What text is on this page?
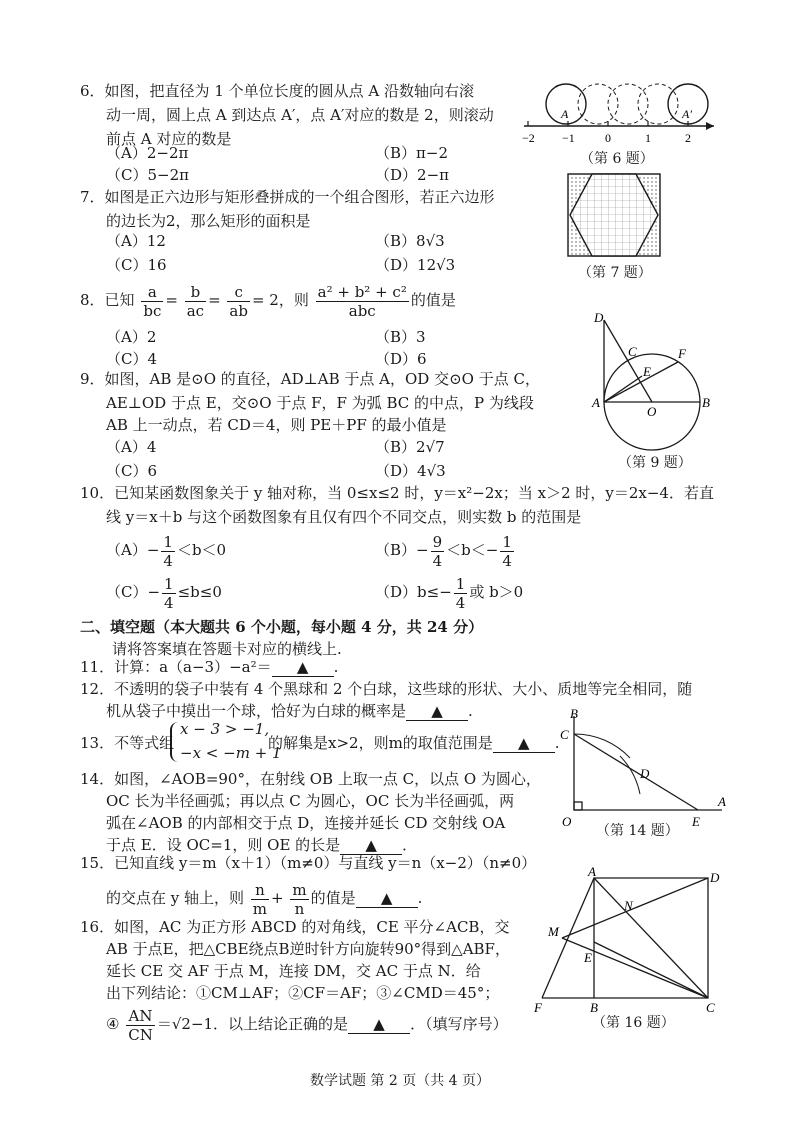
6．如图，把直径为 1 个单位长度的圆从点 A 沿数轴向右滚
动一周，圆上点 A 到达点 A′，点 A′对应的数是 2，则滚动
前点 A 对应的数是
（A）2−2π	（B）π−2
（C）5−2π	（D）2−π
−2 −1	0	1	2
A	A′
（第 6 题）
7．如图是正六边形与矩形叠拼成的一个组合图形，若正六边形
的边长为2，那么矩形的面积是
（A）12	（B）8√3
（C）16	（D）12√3	（第 7 题）
8．已知 $\frac{a}{bc} = \frac{b}{ac} = \frac{c}{ab} = 2$，则 $\frac{\text{a² + b² + c²}}{\text{abc}}$ 的值是
（A）2	（B）3
（C）4	（D）6
9．如图，AB 是⊙O 的直径，AD⊥AB 于点 A，OD 交⊙O 于点 C，
AE⊥OD 于点 E，交⊙O 于点 F，F 为弧 BC 的中点，P 为线段
AB 上一动点，若 CD＝4，则 PE＋PF 的最小值是
（A）4	（B）2√7
（C）6	（D）4√3
D
C	F
E
A
O
B
（第 9 题）
10．已知某函数图象关于 y 轴对称，当 0≤x≤2 时，y＝x²−2x；当 x＞2 时，y＝2x−4．若直
线 y＝x＋b 与这个函数图象有且仅有四个不同交点，则实数 b 的范围是
$(A)- \frac{1}{4} <b<0$	$(B)- \frac{9}{4} <b<- \frac{1}{4}$
$(C)- \frac{1}{4} \le b\le 0$	$(D)b\le- \frac{1}{4}$ 或 b＞0
二、填空题（本大题共 6 个小题，每小题 4 分，共 24 分）
请将答案填在答题卡对应的横线上.
11．计算：a（a−3）−a²＝ ▲ .
12．不透明的袋子中装有 4 个黑球和 2 个白球，这些球的形状、大小、质地等完全相同，随
机从袋子中摸出一个球，恰好为白球的概率是 ▲ .
13．不等式组
x − 3 > −1,
−x < −m + 1
的解集是x>2，则m的取值范围是 ▲ .
14．如图，∠AOB=90°，在射线 OB 上取一点 C，以点 O 为圆心，
OC 长为半径画弧；再以点 C 为圆心，OC 长为半径画弧，两
弧在∠AOB 的内部相交于点 D，连接并延长 CD 交射线 OA
于点 E．设 OC=1，则 OE 的长是 ▲ ．
B
C
D
A
O	E
（第 14 题）
15．已知直线 y＝m（x＋1）（m≠0）与直线 y＝n（x−2）（n≠0）
的交点在 y 轴上，则 $\frac{n}{m} + \frac{m}{n}$ 的值是 ▲ .
16．如图，AC 为正方形 ABCD 的对角线，CE 平分∠ACB，交
AB 于点E，把△CBE绕点B逆时针方向旋转90°得到△ABF，
延长 CE 交 AF 于点 M，连接 DM，交 AC 于点 N．给
出下列结论：①CM⊥AF；②CF＝AF；③∠CMD＝45°；
④ $\frac{AN}{CN} =√2-1$．以上结论正确的是 ▲ ．（填写序号）
A	D
N
M
E
F	B	C
（第 16 题）
数学试题 第 2 页（共 4 页）
